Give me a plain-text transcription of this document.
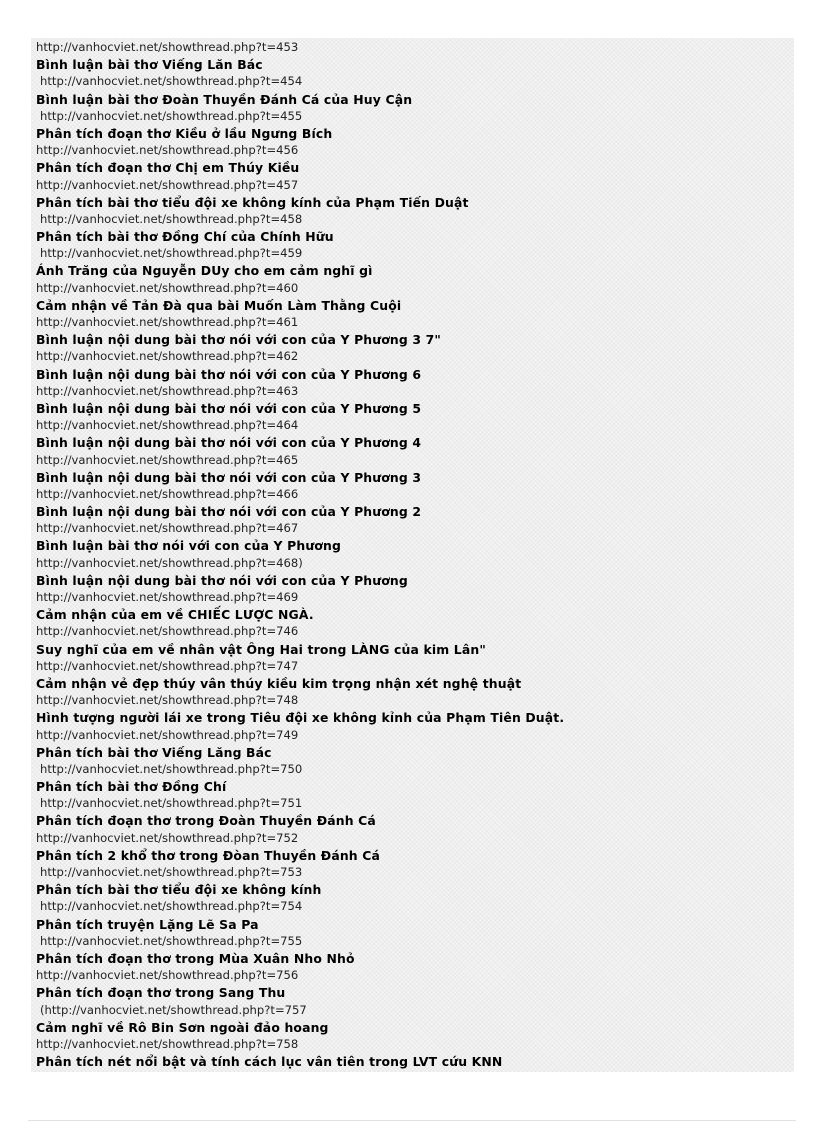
http://vanhocviet.net/showthread.php?t=453
Bình luận bài thơ Viếng Lăn Bác
http://vanhocviet.net/showthread.php?t=454
Bình luận bài thơ Đoàn Thuyền Đánh Cá của Huy Cận
http://vanhocviet.net/showthread.php?t=455
Phân tích đoạn thơ Kiều ở lầu Ngưng Bích
http://vanhocviet.net/showthread.php?t=456
Phân tích đoạn thơ Chị em Thúy Kiều
http://vanhocviet.net/showthread.php?t=457
Phân tích bài thơ tiểu đội xe không kính của Phạm Tiến Duật
http://vanhocviet.net/showthread.php?t=458
Phân tích bài thơ Đồng Chí của Chính Hữu
http://vanhocviet.net/showthread.php?t=459
Ánh Trăng của Nguyễn DUy cho em cảm nghĩ gì
http://vanhocviet.net/showthread.php?t=460
Cảm nhận về Tản Đà qua bài Muốn Làm Thằng Cuội
http://vanhocviet.net/showthread.php?t=461
Bình luận nội dung bài thơ nói với con của Y Phương 3 7"
http://vanhocviet.net/showthread.php?t=462
Bình luận nội dung bài thơ nói với con của Y Phương 6
http://vanhocviet.net/showthread.php?t=463
Bình luận nội dung bài thơ nói với con của Y Phương 5
http://vanhocviet.net/showthread.php?t=464
Bình luận nội dung bài thơ nói với con của Y Phương 4
http://vanhocviet.net/showthread.php?t=465
Bình luận nội dung bài thơ nói với con của Y Phương 3
http://vanhocviet.net/showthread.php?t=466
Bình luận nội dung bài thơ nói với con của Y Phương 2
http://vanhocviet.net/showthread.php?t=467
Bình luận bài thơ nói với con của Y Phương
http://vanhocviet.net/showthread.php?t=468)
Bình luận nội dung bài thơ nói với con của Y Phương
http://vanhocviet.net/showthread.php?t=469
Cảm nhận của em về CHIẾC LƯỢC NGÀ.
http://vanhocviet.net/showthread.php?t=746
Suy nghĩ của em về nhân vật Ông Hai trong LÀNG của kim Lân"
http://vanhocviet.net/showthread.php?t=747
Cảm nhận vẻ đẹp thúy vân thúy kiều kim trọng nhận xét nghệ thuật
http://vanhocviet.net/showthread.php?t=748
Hình tượng người lái xe trong Tiêu đội xe không kỉnh của Phạm Tiên Duật.
http://vanhocviet.net/showthread.php?t=749
Phân tích bài thơ Viếng Lăng Bác
http://vanhocviet.net/showthread.php?t=750
Phân tích bài thơ Đồng Chí
http://vanhocviet.net/showthread.php?t=751
Phân tích đoạn thơ trong Đoàn Thuyền Đánh Cá
http://vanhocviet.net/showthread.php?t=752
Phân tích 2 khổ thơ trong Đòan Thuyền Đánh Cá
http://vanhocviet.net/showthread.php?t=753
Phân tích bài thơ tiểu đội xe không kính
http://vanhocviet.net/showthread.php?t=754
Phân tích truyện Lặng Lẽ Sa Pa
http://vanhocviet.net/showthread.php?t=755
Phân tích đoạn thơ trong Mùa Xuân Nho Nhỏ
http://vanhocviet.net/showthread.php?t=756
Phân tích đoạn thơ trong Sang Thu
(http://vanhocviet.net/showthread.php?t=757
Cảm nghĩ về Rô Bin Sơn ngoài đảo hoang
http://vanhocviet.net/showthread.php?t=758
Phân tích nét nổi bật và tính cách lục vân tiên trong LVT cứu KNN
